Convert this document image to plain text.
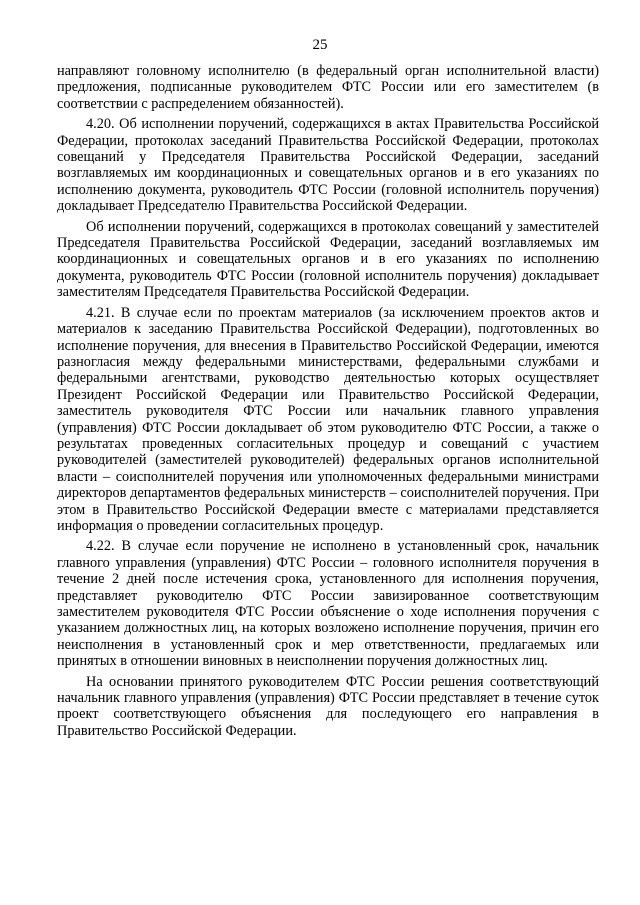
25

направляют головному исполнителю (в федеральный орган исполнительной власти) предложения, подписанные руководителем ФТС России или его заместителем (в соответствии с распределением обязанностей).

4.20. Об исполнении поручений, содержащихся в актах Правительства Российской Федерации, протоколах заседаний Правительства Российской Федерации, протоколах совещаний у Председателя Правительства Российской Федерации, заседаний возглавляемых им координационных и совещательных органов и в его указаниях по исполнению документа, руководитель ФТС России (головной исполнитель поручения) докладывает Председателю Правительства Российской Федерации.

Об исполнении поручений, содержащихся в протоколах совещаний у заместителей Председателя Правительства Российской Федерации, заседаний возглавляемых им координационных и совещательных органов и в его указаниях по исполнению документа, руководитель ФТС России (головной исполнитель поручения) докладывает заместителям Председателя Правительства Российской Федерации.

4.21. В случае если по проектам материалов (за исключением проектов актов и материалов к заседанию Правительства Российской Федерации), подготовленных во исполнение поручения, для внесения в Правительство Российской Федерации, имеются разногласия между федеральными министерствами, федеральными службами и федеральными агентствами, руководство деятельностью которых осуществляет Президент Российской Федерации или Правительство Российской Федерации, заместитель руководителя ФТС России или начальник главного управления (управления) ФТС России докладывает об этом руководителю ФТС России, а также о результатах проведенных согласительных процедур и совещаний с участием руководителей (заместителей руководителей) федеральных органов исполнительной власти – соисполнителей поручения или уполномоченных федеральными министрами директоров департаментов федеральных министерств – соисполнителей поручения. При этом в Правительство Российской Федерации вместе с материалами представляется информация о проведении согласительных процедур.

4.22. В случае если поручение не исполнено в установленный срок, начальник главного управления (управления) ФТС России – головного исполнителя поручения в течение 2 дней после истечения срока, установленного для исполнения поручения, представляет руководителю ФТС России завизированное соответствующим заместителем руководителя ФТС России объяснение о ходе исполнения поручения с указанием должностных лиц, на которых возложено исполнение поручения, причин его неисполнения в установленный срок и мер ответственности, предлагаемых или принятых в отношении виновных в неисполнении поручения должностных лиц.

На основании принятого руководителем ФТС России решения соответствующий начальник главного управления (управления) ФТС России представляет в течение суток проект соответствующего объяснения для последующего его направления в Правительство Российской Федерации.
